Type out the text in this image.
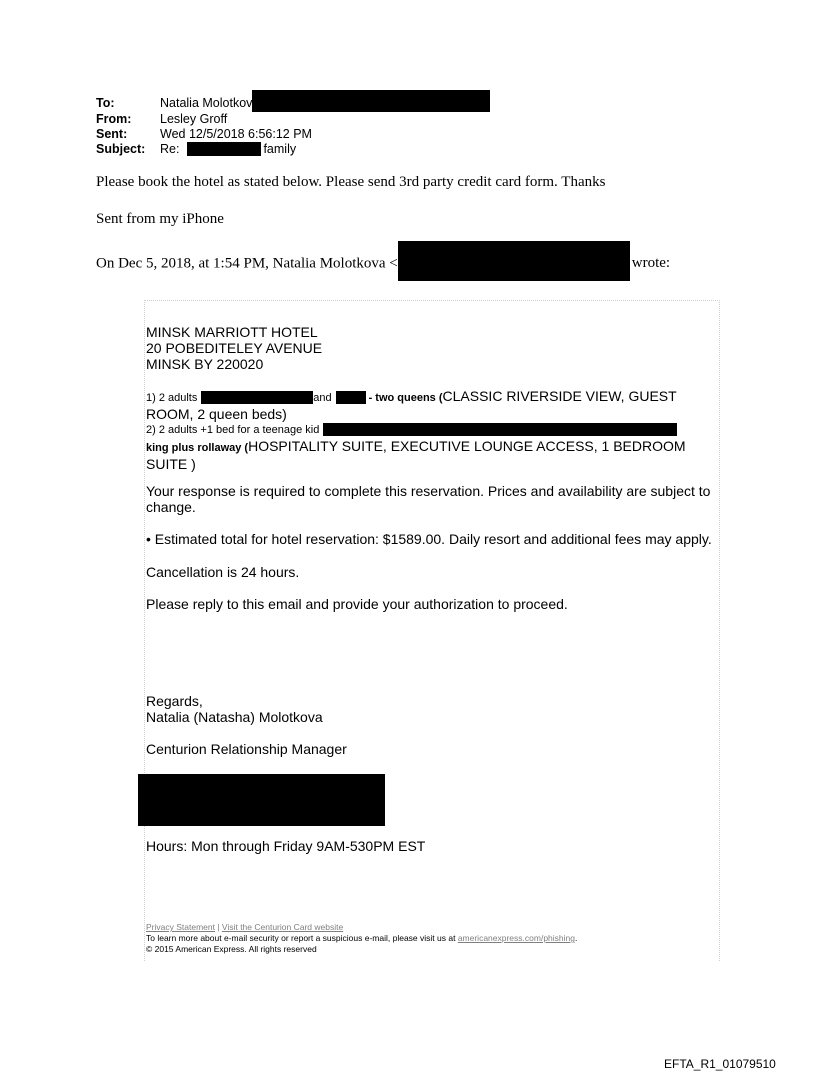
To:	Natalia Molotkov
From:	Lesley Groff
Sent:	Wed 12/5/2018 6:56:12 PM
Subject:	Re:	family
Please book the hotel as stated below. Please send 3rd party credit card form. Thanks
Sent from my iPhone
On Dec 5, 2018, at 1:54 PM, Natalia Molotkova <	wrote:
MINSK MARRIOTT HOTEL
20 POBEDITELEY AVENUE
MINSK BY 220020
1) 2 adults	and	- two queens (CLASSIC RIVERSIDE VIEW, GUEST
ROOM, 2 queen beds)
2) 2 adults +1 bed for a teenage kid
king plus rollaway (HOSPITALITY SUITE, EXECUTIVE LOUNGE ACCESS, 1 BEDROOM
SUITE )
Your response is required to complete this reservation. Prices and availability are subject to
change.
• Estimated total for hotel reservation: $1589.00. Daily resort and additional fees may apply.
Cancellation is 24 hours.
Please reply to this email and provide your authorization to proceed.
Regards,
Natalia (Natasha) Molotkova
Centurion Relationship Manager
Hours: Mon through Friday 9AM-530PM EST
Privacy Statement | Visit the Centurion Card website
To learn more about e-mail security or report a suspicious e-mail, please visit us at americanexpress.com/phishing.
© 2015 American Express. All rights reserved
EFTA_R1_01079510
